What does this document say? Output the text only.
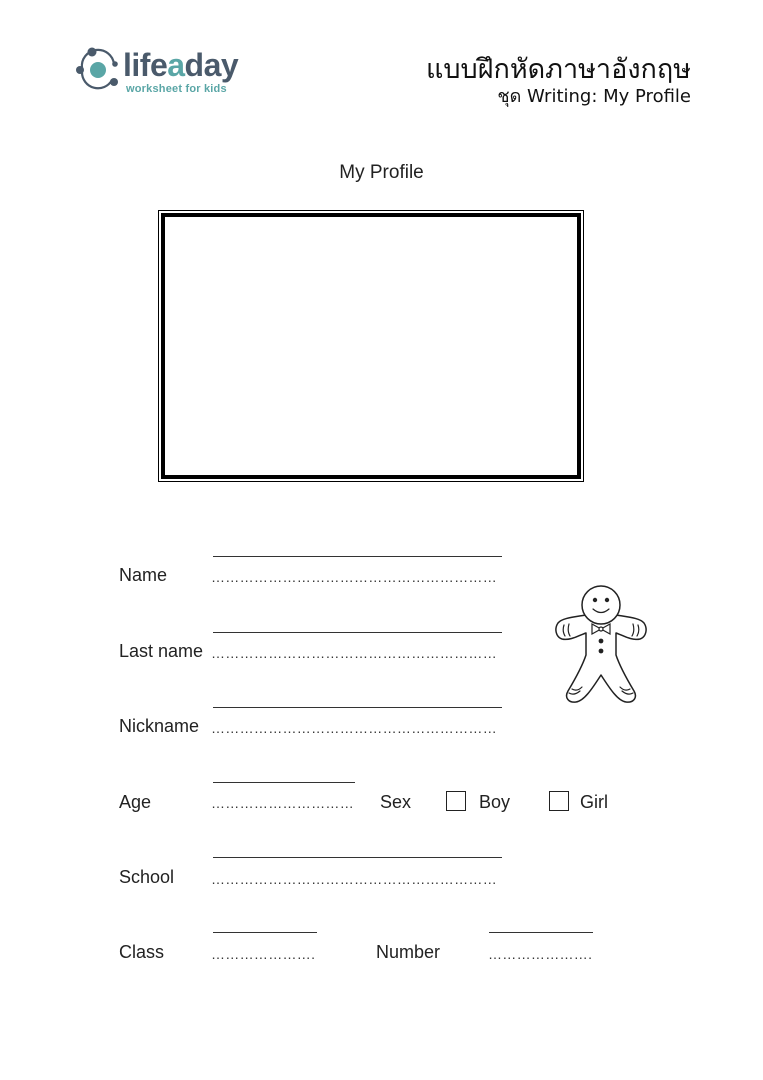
lifeaday
worksheet for kids
แบบฝึกหัดภาษาอังกฤษ
ชุด Writing: My Profile
My Profile
Name	……………………………………………………
Last name ……………………………………………………
Nickname ……………………………………………………
Age	………………………… Sex	Boy	Girl
School	……………………………………………………
Class	………………….	Number	………………….
